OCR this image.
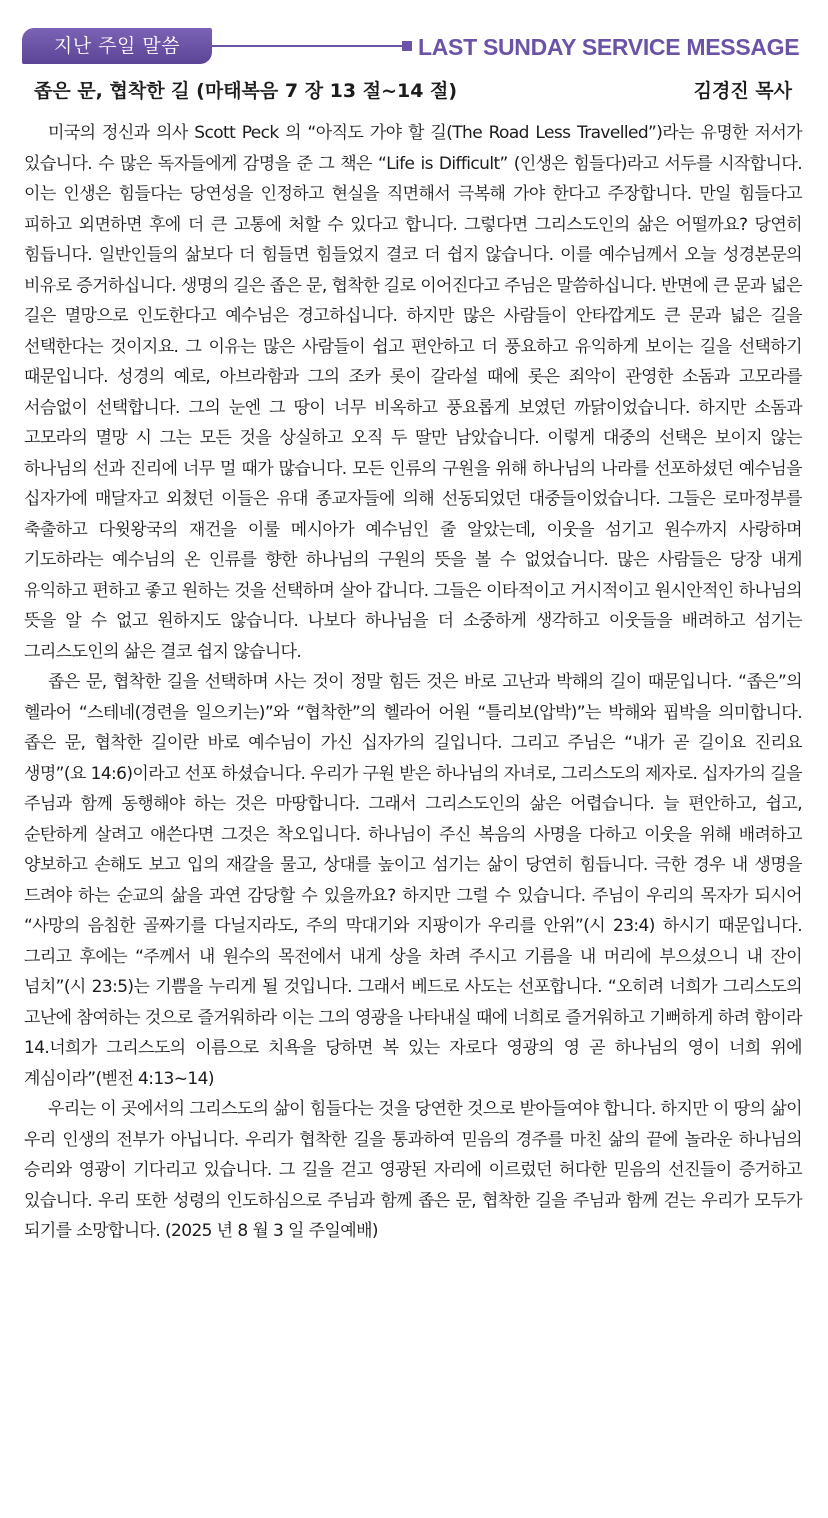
지난 주일 말씀	LAST SUNDAY SERVICE MESSAGE
좁은 문, 협착한 길 (마태복음 7 장 13 절~14 절)	김경진 목사

미국의 정신과 의사 Scott Peck 의 “아직도 가야 할 길(The Road Less Travelled”)라는 유명한 저서가 있습니다. 수 많은 독자들에게 감명을 준 그 책은 “Life is Difficult” (인생은 힘들다)라고 서두를 시작합니다. 이는 인생은 힘들다는 당연성을 인정하고 현실을 직면해서 극복해 가야 한다고 주장합니다. 만일 힘들다고 피하고 외면하면 후에 더 큰 고통에 처할 수 있다고 합니다. 그렇다면 그리스도인의 삶은 어떨까요? 당연히 힘듭니다. 일반인들의 삶보다 더 힘들면 힘들었지 결코 더 쉽지 않습니다. 이를 예수님께서 오늘 성경본문의 비유로 증거하십니다. 생명의 길은 좁은 문, 협착한 길로 이어진다고 주님은 말씀하십니다. 반면에 큰 문과 넓은 길은 멸망으로 인도한다고 예수님은 경고하십니다. 하지만 많은 사람들이 안타깝게도 큰 문과 넓은 길을 선택한다는 것이지요. 그 이유는 많은 사람들이 쉽고 편안하고 더 풍요하고 유익하게 보이는 길을 선택하기 때문입니다. 성경의 예로, 아브라함과 그의 조카 롯이 갈라설 때에 롯은 죄악이 관영한 소돔과 고모라를 서슴없이 선택합니다. 그의 눈엔 그 땅이 너무 비옥하고 풍요롭게 보였던 까닭이었습니다. 하지만 소돔과 고모라의 멸망 시 그는 모든 것을 상실하고 오직 두 딸만 남았습니다. 이렇게 대중의 선택은 보이지 않는 하나님의 선과 진리에 너무 멀 때가 많습니다. 모든 인류의 구원을 위해 하나님의 나라를 선포하셨던 예수님을 십자가에 매달자고 외쳤던 이들은 유대 종교자들에 의해 선동되었던 대중들이었습니다. 그들은 로마정부를 축출하고 다윗왕국의 재건을 이룰 메시아가 예수님인 줄 알았는데, 이웃을 섬기고 원수까지 사랑하며 기도하라는 예수님의 온 인류를 향한 하나님의 구원의 뜻을 볼 수 없었습니다. 많은 사람들은 당장 내게 유익하고 편하고 좋고 원하는 것을 선택하며 살아 갑니다. 그들은 이타적이고 거시적이고 원시안적인 하나님의 뜻을 알 수 없고 원하지도 않습니다. 나보다 하나님을 더 소중하게 생각하고 이웃들을 배려하고 섬기는 그리스도인의 삶은 결코 쉽지 않습니다.

좁은 문, 협착한 길을 선택하며 사는 것이 정말 힘든 것은 바로 고난과 박해의 길이 때문입니다. “좁은”의 헬라어 “스테네(경련을 일으키는)”와 “협착한”의 헬라어 어원 “틀리보(압박)”는 박해와 핍박을 의미합니다. 좁은 문, 협착한 길이란 바로 예수님이 가신 십자가의 길입니다. 그리고 주님은 “내가 곧 길이요 진리요 생명”(요 14:6)이라고 선포 하셨습니다. 우리가 구원 받은 하나님의 자녀로, 그리스도의 제자로. 십자가의 길을 주님과 함께 동행해야 하는 것은 마땅합니다. 그래서 그리스도인의 삶은 어렵습니다. 늘 편안하고, 쉽고, 순탄하게 살려고 애쓴다면 그것은 착오입니다. 하나님이 주신 복음의 사명을 다하고 이웃을 위해 배려하고 양보하고 손해도 보고 입의 재갈을 물고, 상대를 높이고 섬기는 삶이 당연히 힘듭니다. 극한 경우 내 생명을 드려야 하는 순교의 삶을 과연 감당할 수 있을까요? 하지만 그럴 수 있습니다. 주님이 우리의 목자가 되시어 “사망의 음침한 골짜기를 다닐지라도, 주의 막대기와 지팡이가 우리를 안위”(시 23:4) 하시기 때문입니다. 그리고 후에는 “주께서 내 원수의 목전에서 내게 상을 차려 주시고 기름을 내 머리에 부으셨으니 내 잔이 넘치”(시 23:5)는 기쁨을 누리게 될 것입니다. 그래서 베드로 사도는 선포합니다. “오히려 너희가 그리스도의 고난에 참여하는 것으로 즐거워하라 이는 그의 영광을 나타내실 때에 너희로 즐거워하고 기뻐하게 하려 함이라 14.너희가 그리스도의 이름으로 치욕을 당하면 복 있는 자로다 영광의 영 곧 하나님의 영이 너희 위에 계심이라”(벧전 4:13~14)

우리는 이 곳에서의 그리스도의 삶이 힘들다는 것을 당연한 것으로 받아들여야 합니다. 하지만 이 땅의 삶이 우리 인생의 전부가 아닙니다. 우리가 협착한 길을 통과하여 믿음의 경주를 마친 삶의 끝에 놀라운 하나님의 승리와 영광이 기다리고 있습니다. 그 길을 걷고 영광된 자리에 이르렀던 허다한 믿음의 선진들이 증거하고 있습니다. 우리 또한 성령의 인도하심으로 주님과 함께 좁은 문, 협착한 길을 주님과 함께 걷는 우리가 모두가 되기를 소망합니다. (2025 년 8 월 3 일 주일예배)
